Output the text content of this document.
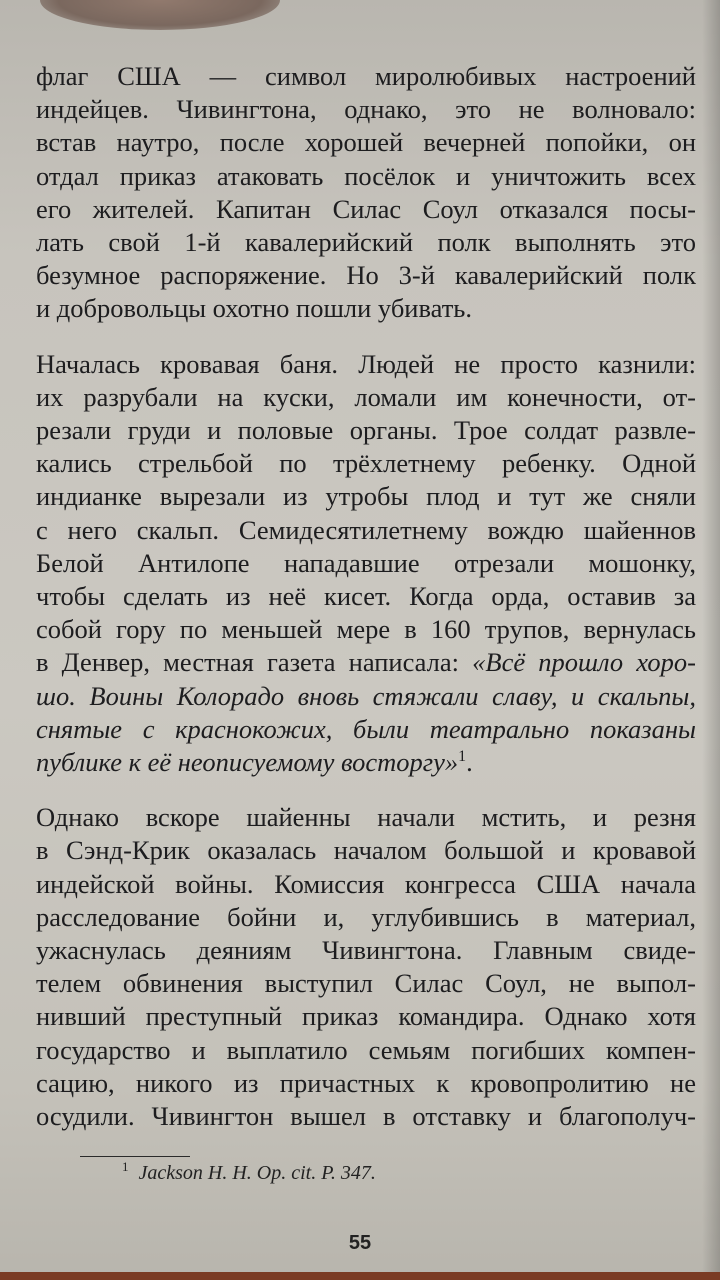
флаг США — символ миролюбивых настроений
индейцев. Чивингтона, однако, это не волновало:
встав наутро, после хорошей вечерней попойки, он
отдал приказ атаковать посёлок и уничтожить всех
его жителей. Капитан Силас Соул отказался посы-
лать свой 1-й кавалерийский полк выполнять это
безумное распоряжение. Но 3-й кавалерийский полк
и добровольцы охотно пошли убивать.

Началась кровавая баня. Людей не просто казнили:
их разрубали на куски, ломали им конечности, от-
резали груди и половые органы. Трое солдат развле-
кались стрельбой по трёхлетнему ребенку. Одной
индианке вырезали из утробы плод и тут же сняли
с него скальп. Семидесятилетнему вождю шайеннов
Белой Антилопе нападавшие отрезали мошонку,
чтобы сделать из неё кисет. Когда орда, оставив за
собой гору по меньшей мере в 160 трупов, вернулась
в Денвер, местная газета написала: «Всё прошло хоро-
шо. Воины Колорадо вновь стяжали славу, и скальпы,
снятые с краснокожих, были театрально показаны
публике к её неописуемому восторгу»$^1$.

Однако вскоре шайенны начали мстить, и резня
в Сэнд-Крик оказалась началом большой и кровавой
индейской войны. Комиссия конгресса США начала
расследование бойни и, углубившись в материал,
ужаснулась деяниям Чивингтона. Главным свиде-
телем обвинения выступил Силас Соул, не выпол-
нивший преступный приказ командира. Однако хотя
государство и выплатило семьям погибших компен-
сацию, никого из причастных к кровопролитию не
осудили. Чивингтон вышел в отставку и благополуч-

$^1$ Jackson H. H. Op. cit. P. 347.
55
